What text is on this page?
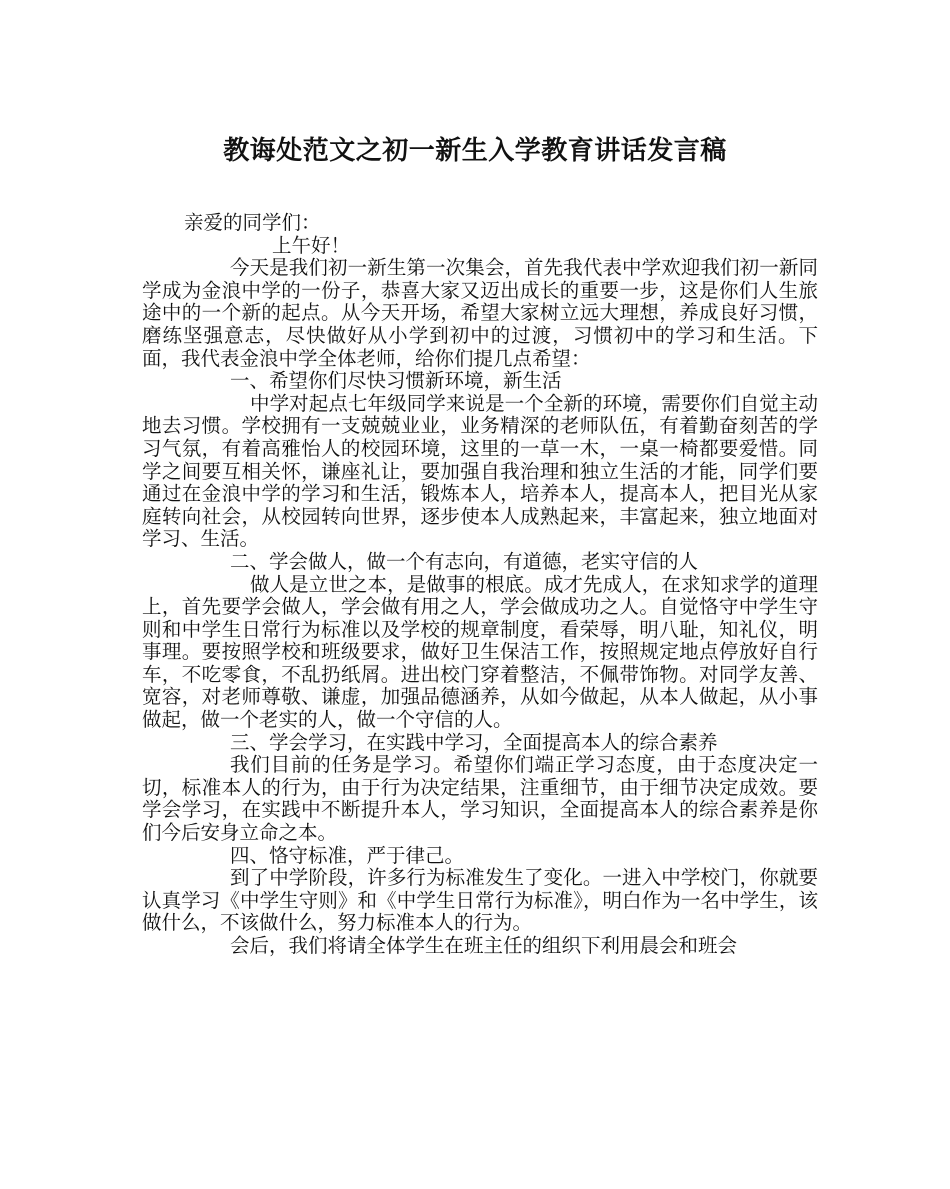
教诲处范文之初一新生入学教育讲话发言稿

亲爱的同学们：

上午好！

今天是我们初一新生第一次集会，首先我代表中学欢迎我们初一新同学成为金浪中学的一份子，恭喜大家又迈出成长的重要一步，这是你们人生旅途中的一个新的起点。从今天开场，希望大家树立远大理想，养成良好习惯，磨练坚强意志，尽快做好从小学到初中的过渡，习惯初中的学习和生活。下面，我代表金浪中学全体老师，给你们提几点希望：

一、希望你们尽快习惯新环境，新生活

中学对起点七年级同学来说是一个全新的环境，需要你们自觉主动地去习惯。学校拥有一支兢兢业业，业务精深的老师队伍，有着勤奋刻苦的学习气氛，有着高雅怡人的校园环境，这里的一草一木，一桌一椅都要爱惜。同学之间要互相关怀，谦座礼让，要加强自我治理和独立生活的才能，同学们要通过在金浪中学的学习和生活，锻炼本人，培养本人，提高本人，把目光从家庭转向社会，从校园转向世界，逐步使本人成熟起来，丰富起来，独立地面对学习、生活。

二、学会做人，做一个有志向，有道德，老实守信的人

做人是立世之本，是做事的根底。成才先成人，在求知求学的道理上，首先要学会做人，学会做有用之人，学会做成功之人。自觉恪守中学生守则和中学生日常行为标准以及学校的规章制度，看荣辱，明八耻，知礼仪，明事理。要按照学校和班级要求，做好卫生保洁工作，按照规定地点停放好自行车，不吃零食，不乱扔纸屑。进出校门穿着整洁，不佩带饰物。对同学友善、宽容，对老师尊敬、谦虚，加强品德涵养，从如今做起，从本人做起，从小事做起，做一个老实的人，做一个守信的人。

三、学会学习，在实践中学习，全面提高本人的综合素养

我们目前的任务是学习。希望你们端正学习态度，由于态度决定一切，标准本人的行为，由于行为决定结果，注重细节，由于细节决定成效。要学会学习，在实践中不断提升本人，学习知识，全面提高本人的综合素养是你们今后安身立命之本。

四、恪守标准，严于律己。

到了中学阶段，许多行为标准发生了变化。一进入中学校门，你就要认真学习《中学生守则》和《中学生日常行为标准》，明白作为一名中学生，该做什么，不该做什么，努力标准本人的行为。

会后，我们将请全体学生在班主任的组织下利用晨会和班会
